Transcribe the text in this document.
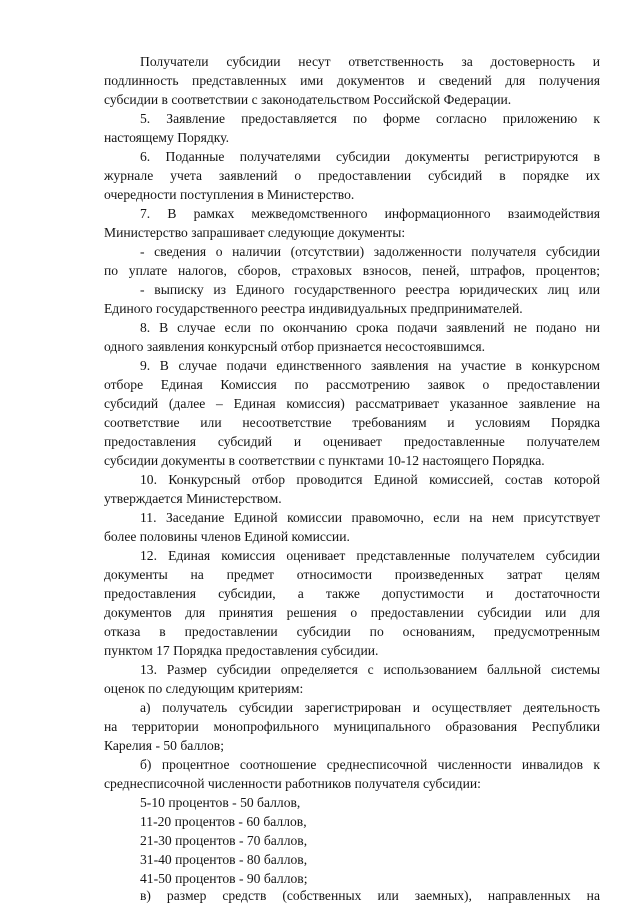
Получатели субсидии несут ответственность за достоверность и
подлинность представленных ими документов и сведений для получения
субсидии в соответствии с законодательством Российской Федерации.
5. Заявление предоставляется по форме согласно приложению к
настоящему Порядку.
6. Поданные получателями субсидии документы регистрируются в
журнале учета заявлений о предоставлении субсидий в порядке их
очередности поступления в Министерство.
7. В рамках межведомственного информационного взаимодействия
Министерство запрашивает следующие документы:
- сведения о наличии (отсутствии) задолженности получателя субсидии
по уплате налогов, сборов, страховых взносов, пеней, штрафов, процентов;
- выписку из Единого государственного реестра юридических лиц или
Единого государственного реестра индивидуальных предпринимателей.
8. В случае если по окончанию срока подачи заявлений не подано ни
одного заявления конкурсный отбор признается несостоявшимся.
9. В случае подачи единственного заявления на участие в конкурсном
отборе Единая Комиссия по рассмотрению заявок о предоставлении
субсидий (далее – Единая комиссия) рассматривает указанное заявление на
соответствие или несоответствие требованиям и условиям Порядка
предоставления субсидий и оценивает предоставленные получателем
субсидии документы в соответствии с пунктами 10-12 настоящего Порядка.
10. Конкурсный отбор проводится Единой комиссией, состав которой
утверждается Министерством.
11. Заседание Единой комиссии правомочно, если на нем присутствует
более половины членов Единой комиссии.
12. Единая комиссия оценивает представленные получателем субсидии
документы на предмет относимости произведенных затрат целям
предоставления субсидии, а также допустимости и достаточности
документов для принятия решения о предоставлении субсидии или для
отказа в предоставлении субсидии по основаниям, предусмотренным
пунктом 17 Порядка предоставления субсидии.
13. Размер субсидии определяется с использованием балльной системы
оценок по следующим критериям:
а) получатель субсидии зарегистрирован и осуществляет деятельность
на территории монопрофильного муниципального образования Республики
Карелия - 50 баллов;
б) процентное соотношение среднесписочной численности инвалидов к
среднесписочной численности работников получателя субсидии:
5-10 процентов - 50 баллов,
11-20 процентов - 60 баллов,
21-30 процентов - 70 баллов,
31-40 процентов - 80 баллов,
41-50 процентов - 90 баллов;
в) размер средств (собственных или заемных), направленных на
